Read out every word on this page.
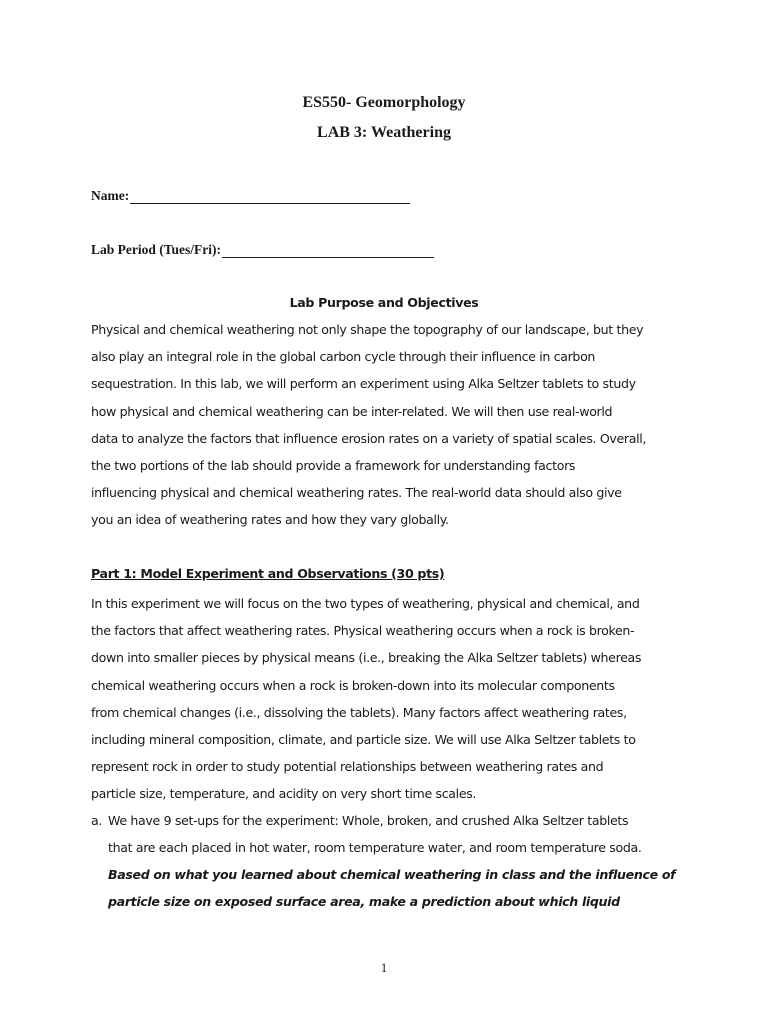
ES550- Geomorphology
LAB 3: Weathering
Name:
Lab Period (Tues/Fri):
Lab Purpose and Objectives
Physical and chemical weathering not only shape the topography of our landscape, but they
also play an integral role in the global carbon cycle through their influence in carbon
sequestration. In this lab, we will perform an experiment using Alka Seltzer tablets to study
how physical and chemical weathering can be inter-related. We will then use real-world
data to analyze the factors that influence erosion rates on a variety of spatial scales. Overall,
the two portions of the lab should provide a framework for understanding factors
influencing physical and chemical weathering rates. The real-world data should also give
you an idea of weathering rates and how they vary globally.
Part 1: Model Experiment and Observations (30 pts)
In this experiment we will focus on the two types of weathering, physical and chemical, and
the factors that affect weathering rates. Physical weathering occurs when a rock is broken-
down into smaller pieces by physical means (i.e., breaking the Alka Seltzer tablets) whereas
chemical weathering occurs when a rock is broken-down into its molecular components
from chemical changes (i.e., dissolving the tablets). Many factors affect weathering rates,
including mineral composition, climate, and particle size. We will use Alka Seltzer tablets to
represent rock in order to study potential relationships between weathering rates and
particle size, temperature, and acidity on very short time scales.
a. We have 9 set-ups for the experiment: Whole, broken, and crushed Alka Seltzer tablets
that are each placed in hot water, room temperature water, and room temperature soda.
Based on what you learned about chemical weathering in class and the influence of
particle size on exposed surface area, make a prediction about which liquid
1
